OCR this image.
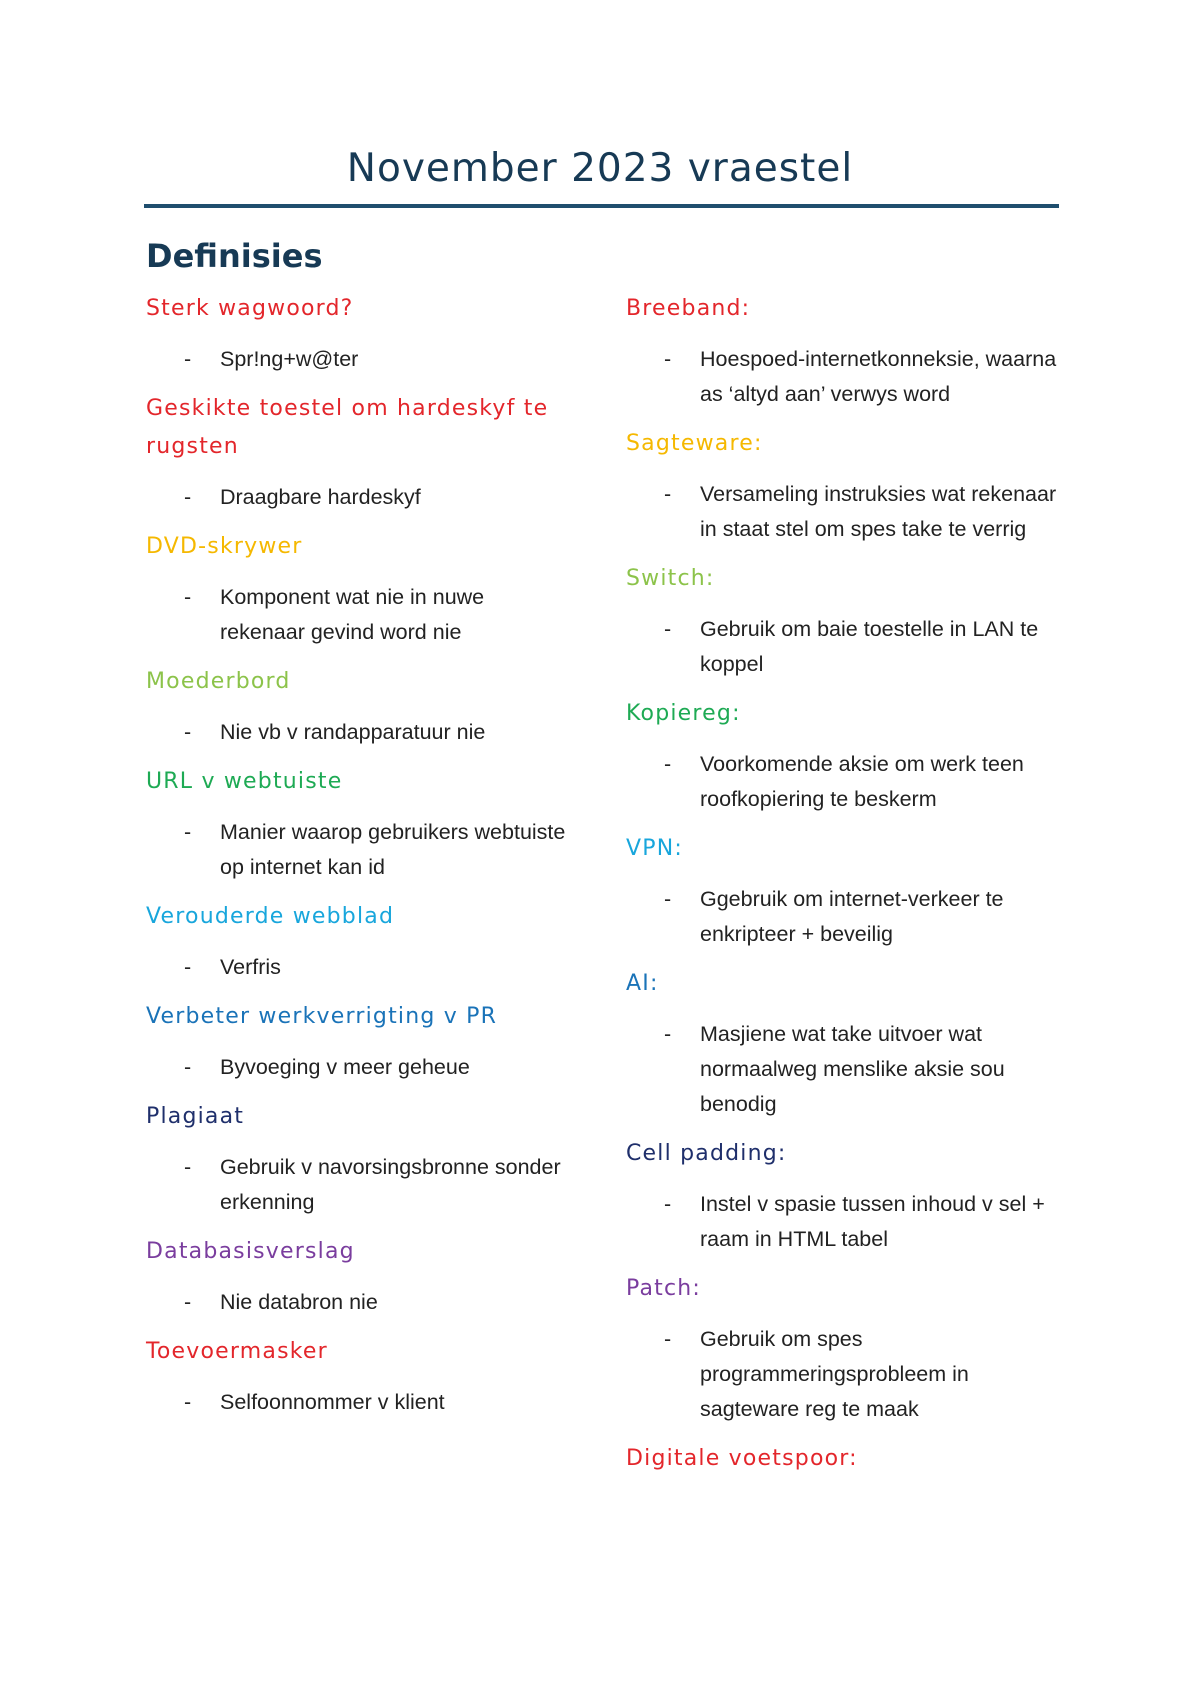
November 2023 vraestel
Definisies

Sterk wagwoord?

-	Spr!ng+w@ter

Geskikte toestel om hardeskyf te rugsten

-	Draagbare hardeskyf

DVD-skrywer

-	Komponent wat nie in nuwe rekenaar gevind word nie

Moederbord

-	Nie vb v randapparatuur nie

URL v webtuiste

-	Manier waarop gebruikers webtuiste op internet kan id

Verouderde webblad

-	Verfris

Verbeter werkverrigting v PR

-	Byvoeging v meer geheue

Plagiaat

-	Gebruik v navorsingsbronne sonder erkenning

Databasisverslag

-	Nie databron nie

Toevoermasker

-	Selfoonnommer v klient

Breeband:

-	Hoespoed-internetkonneksie, waarna as ‘altyd aan’ verwys word

Sagteware:

-	Versameling instruksies wat rekenaar in staat stel om spes take te verrig

Switch:

-	Gebruik om baie toestelle in LAN te koppel

Kopiereg:

-	Voorkomende aksie om werk teen roofkopiering te beskerm

VPN:

-	Ggebruik om internet-verkeer te enkripteer + beveilig

AI:

-	Masjiene wat take uitvoer wat normaalweg menslike aksie sou benodig

Cell padding:

-	Instel v spasie tussen inhoud v sel + raam in HTML tabel

Patch:

-	Gebruik om spes programmeringsprobleem in sagteware reg te maak

Digitale voetspoor:
